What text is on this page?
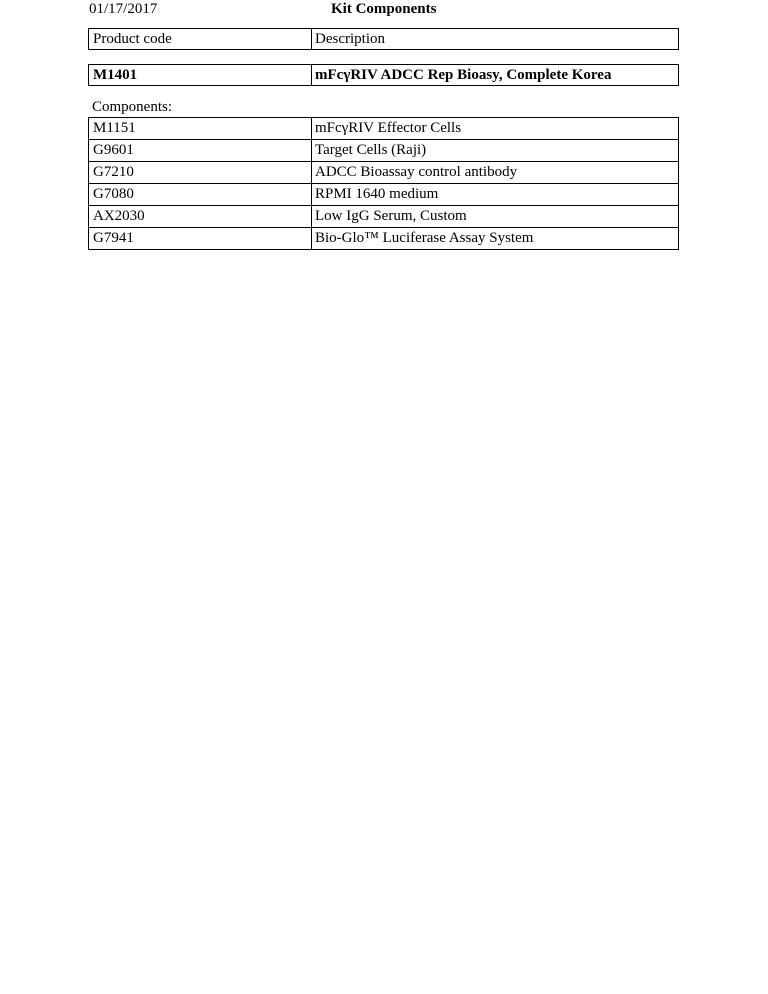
01/17/2017	Kit Components
Product code	Description
M1401	mFcγRIV ADCC Rep Bioasy, Complete Korea
Components:
M1151	mFcγRIV Effector Cells
G9601	Target Cells (Raji)
G7210	ADCC Bioassay control antibody
G7080	RPMI 1640 medium
AX2030	Low IgG Serum, Custom
G7941	Bio-Glo™ Luciferase Assay System
